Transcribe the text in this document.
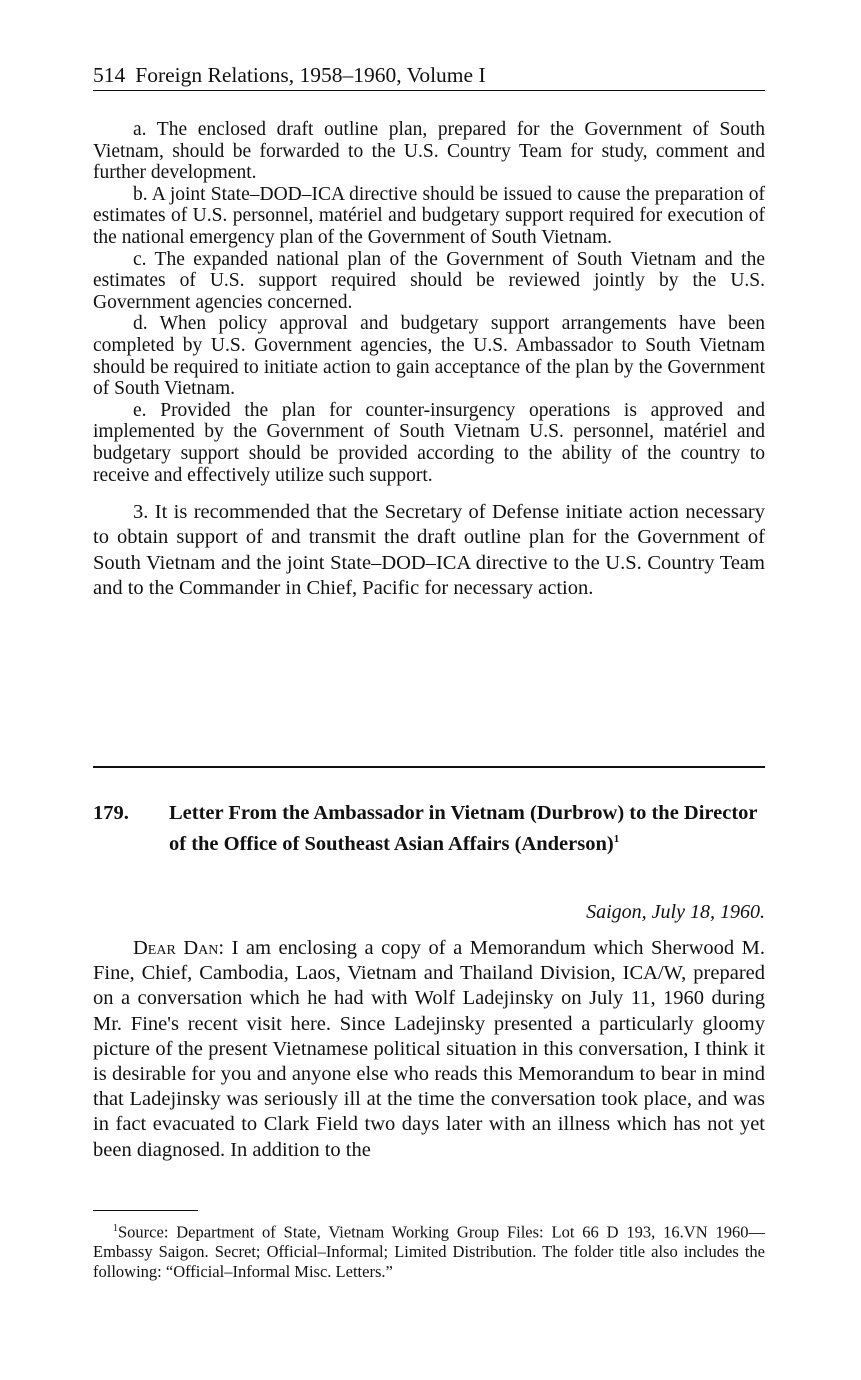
514 Foreign Relations, 1958–1960, Volume I

a. The enclosed draft outline plan, prepared for the Government of South Vietnam, should be forwarded to the U.S. Country Team for study, comment and further development.

b. A joint State–DOD–ICA directive should be issued to cause the preparation of estimates of U.S. personnel, matériel and budgetary support required for execution of the national emergency plan of the Government of South Vietnam.

c. The expanded national plan of the Government of South Vietnam and the estimates of U.S. support required should be reviewed jointly by the U.S. Government agencies concerned.

d. When policy approval and budgetary support arrangements have been completed by U.S. Government agencies, the U.S. Ambassador to South Vietnam should be required to initiate action to gain acceptance of the plan by the Government of South Vietnam.

e. Provided the plan for counter-insurgency operations is approved and implemented by the Government of South Vietnam U.S. personnel, matériel and budgetary support should be provided according to the ability of the country to receive and effectively utilize such support.

3. It is recommended that the Secretary of Defense initiate action necessary to obtain support of and transmit the draft outline plan for the Government of South Vietnam and the joint State–DOD–ICA directive to the U.S. Country Team and to the Commander in Chief, Pacific for necessary action.

179. Letter From the Ambassador in Vietnam (Durbrow) to the Director of the Office of Southeast Asian Affairs (Anderson)$^1$
Saigon, July 18, 1960.

Dear Dan: I am enclosing a copy of a Memorandum which Sherwood M. Fine, Chief, Cambodia, Laos, Vietnam and Thailand Division, ICA/W, prepared on a conversation which he had with Wolf Ladejinsky on July 11, 1960 during Mr. Fine's recent visit here. Since Ladejinsky presented a particularly gloomy picture of the present Vietnamese political situation in this conversation, I think it is desirable for you and anyone else who reads this Memorandum to bear in mind that Ladejinsky was seriously ill at the time the conversation took place, and was in fact evacuated to Clark Field two days later with an illness which has not yet been diagnosed. In addition to the

$^1$Source: Department of State, Vietnam Working Group Files: Lot 66 D 193, 16.VN 1960—Embassy Saigon. Secret; Official–Informal; Limited Distribution. The folder title also includes the following: “Official–Informal Misc. Letters.”
